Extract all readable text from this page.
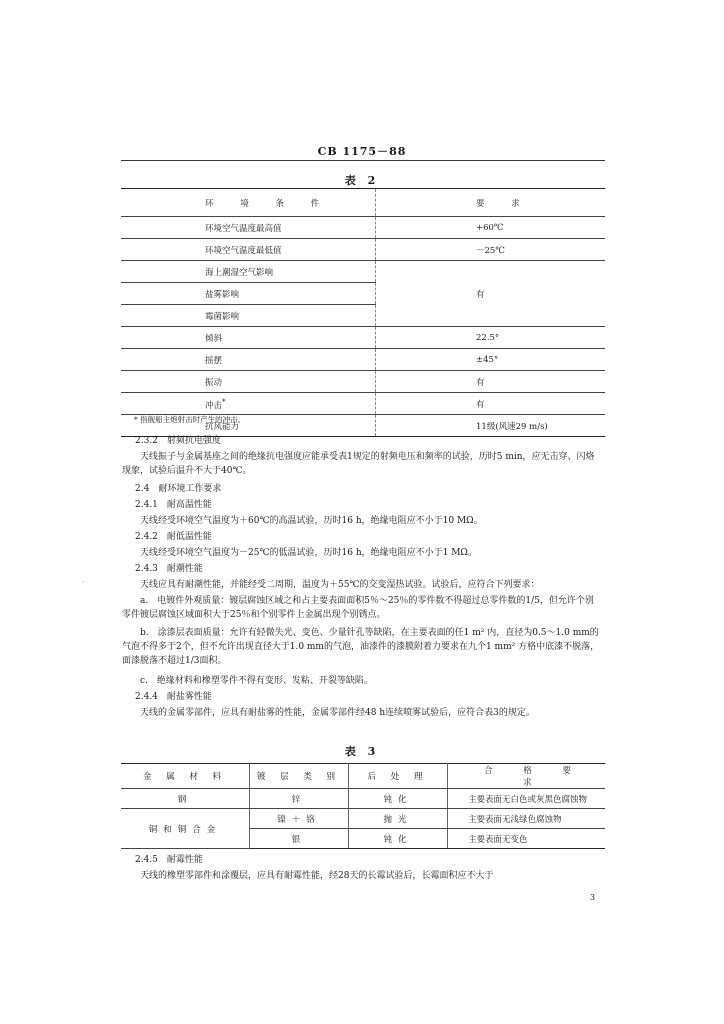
CB 1175－88
表 2
环 境 条 件	要 求
环境空气温度最高值	+60℃
环境空气温度最低值	－25℃
海上潮湿空气影响	
盐雾影响	有
霉菌影响	
倾斜	22.5°
摇摆	±45°
振动	有
冲击*	有
抗风能力	11级(风速29 m/s)
* 指舰船主炮射击时产生的冲击。
2.3.2　射频抗电强度
天线振子与金属基座之间的绝缘抗电强度应能承受表1规定的射频电压和频率的试验，历时5 min，应无击穿、闪烙现象，试验后温升不大于40℃。
2.4　耐环境工作要求
2.4.1　耐高温性能
天线经受环境空气温度为＋60℃的高温试验，历时16 h，绝缘电阻应不小于10 MΩ。
2.4.2　耐低温性能
天线经受环境空气温度为－25℃的低温试验，历时16 h，绝缘电阻应不小于1 MΩ。
2.4.3　耐潮性能
天线应具有耐潮性能，并能经受二周期，温度为＋55℃的交变湿热试验。试验后，应符合下列要求：
a.　电镀件外观质量：镀层腐蚀区域之和占主要表面面积5％～25％的零件数不得超过总零件数的1/5，但允许个别零件镀层腐蚀区域面积大于25％和个别零件上金属出现个别锈点。
b.　涂漆层表面质量：允许有轻微失光、变色、少量针孔等缺陷，在主要表面的任1 m² 内，直径为0.5～1.0 mm的气泡不得多于2个，但不允许出现直径大于1.0 mm的气泡，油漆件的漆膜附着力要求在九个1 mm² 方格中底漆不脱落，面漆脱落不超过1/3面积。
c.　绝缘材料和橡塑零件不得有变形、发粘、开裂等缺陷。
2.4.4　耐盐雾性能
天线的金属零部件，应具有耐盐雾的性能，金属零部件经48 h连续喷雾试验后，应符合表3的规定。
表 3
金 属 材 料	镀 层 类 别	后 处 理	合 格 要 求
钢	锌	钝化	主要表面无白色或灰黑色腐蚀物
铜和铜合金	镍＋铬	抛光	主要表面无浅绿色腐蚀物
	银	钝化	主要表面无变色
2.4.5　耐霉性能
天线的橡塑零部件和涂覆层，应具有耐霉性能，经28天的长霉试验后，长霉面积应不大于
3
·
